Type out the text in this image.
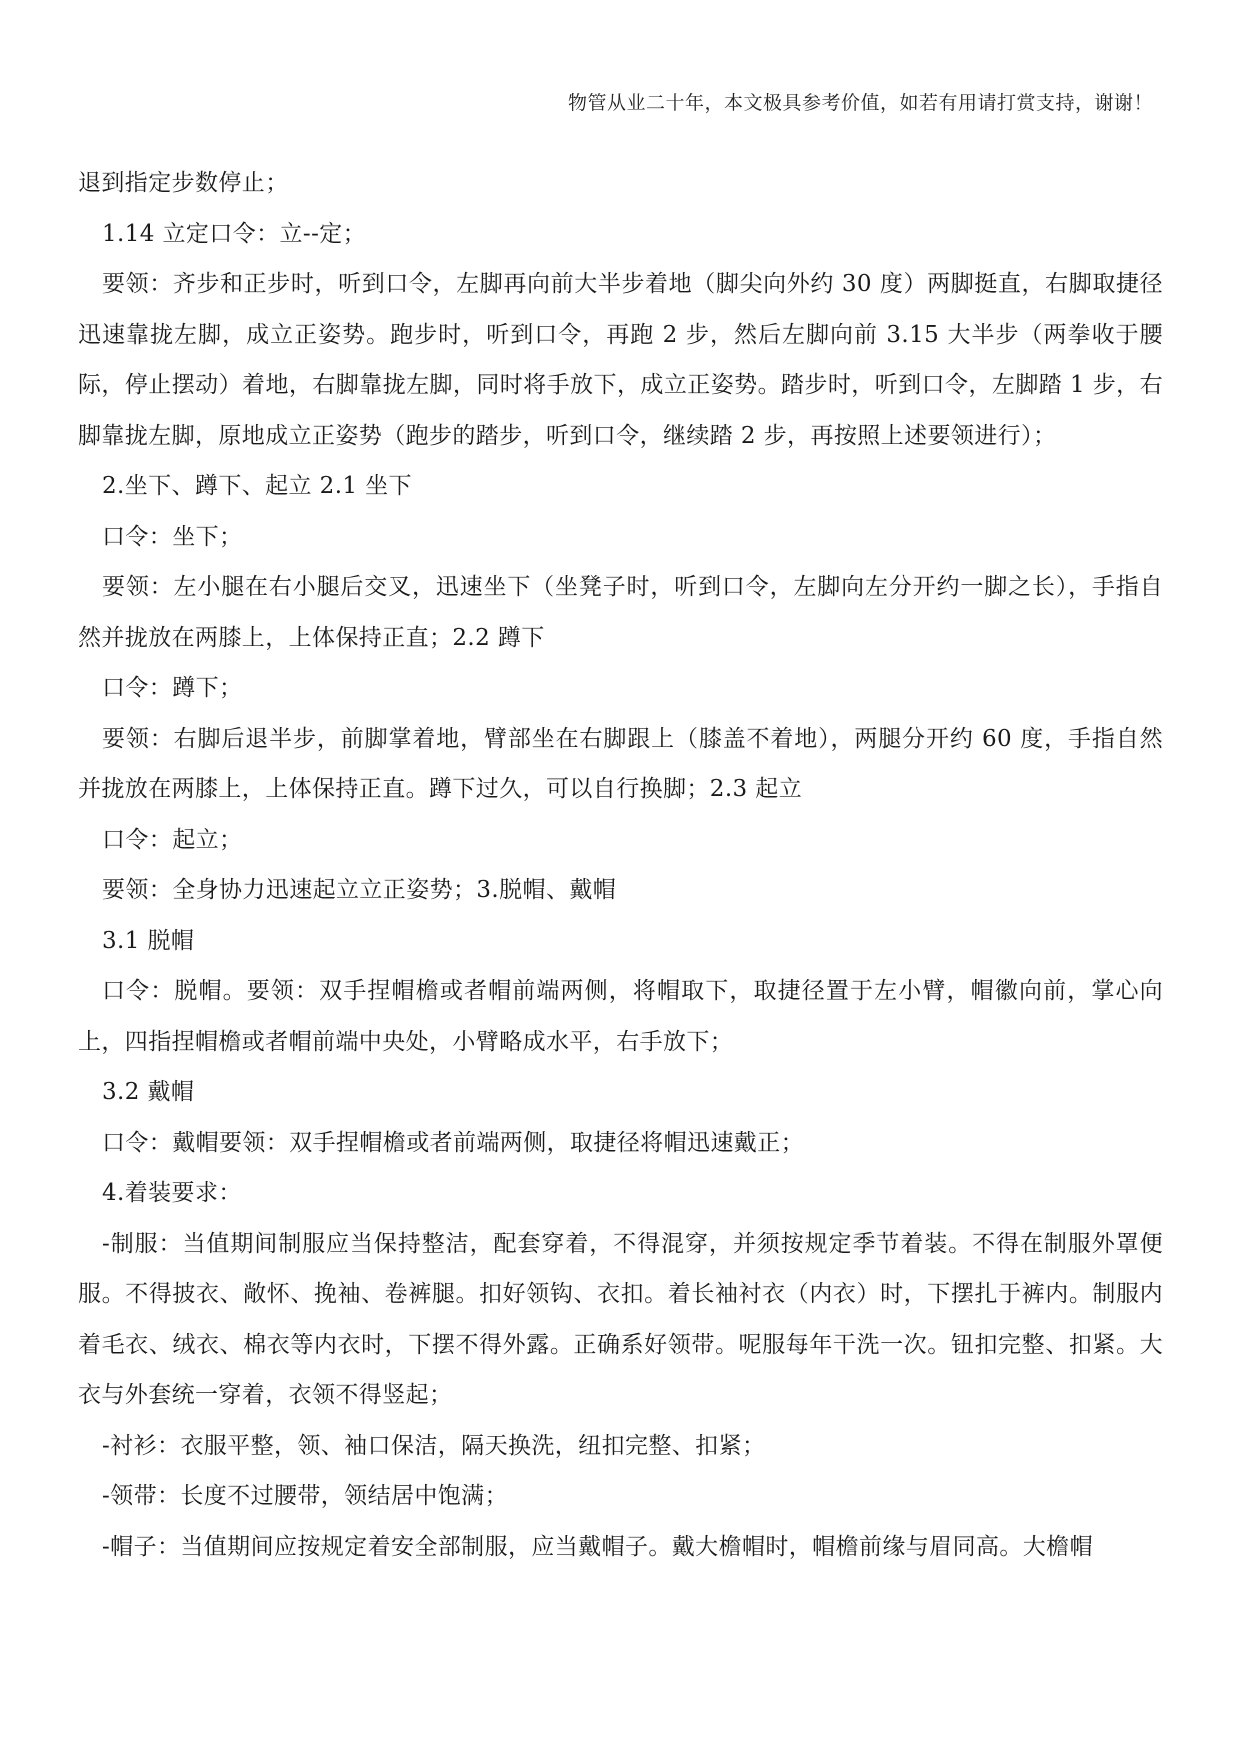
物管从业二十年，本文极具参考价值，如若有用请打赏支持，谢谢！

退到指定步数停止；

1.14 立定口令：立--定；

要领：齐步和正步时，听到口令，左脚再向前大半步着地（脚尖向外约 30 度）两脚挺直，右脚取捷径迅速靠拢左脚，成立正姿势。跑步时，听到口令，再跑 2 步，然后左脚向前 3.15 大半步（两拳收于腰际，停止摆动）着地，右脚靠拢左脚，同时将手放下，成立正姿势。踏步时，听到口令，左脚踏 1 步，右脚靠拢左脚，原地成立正姿势（跑步的踏步，听到口令，继续踏 2 步，再按照上述要领进行）；

2.坐下、蹲下、起立 2.1 坐下

口令：坐下；

要领：左小腿在右小腿后交叉，迅速坐下（坐凳子时，听到口令，左脚向左分开约一脚之长），手指自然并拢放在两膝上，上体保持正直；2.2 蹲下

口令：蹲下；

要领：右脚后退半步，前脚掌着地，臂部坐在右脚跟上（膝盖不着地），两腿分开约 60 度，手指自然并拢放在两膝上，上体保持正直。蹲下过久，可以自行换脚；2.3 起立

口令：起立；

要领：全身协力迅速起立立正姿势；3.脱帽、戴帽

3.1 脱帽

口令：脱帽。要领：双手捏帽檐或者帽前端两侧，将帽取下，取捷径置于左小臂，帽徽向前，掌心向上，四指捏帽檐或者帽前端中央处，小臂略成水平，右手放下；

3.2 戴帽

口令：戴帽要领：双手捏帽檐或者前端两侧，取捷径将帽迅速戴正；

4.着装要求：

-制服：当值期间制服应当保持整洁，配套穿着，不得混穿，并须按规定季节着装。不得在制服外罩便服。不得披衣、敞怀、挽袖、卷裤腿。扣好领钩、衣扣。着长袖衬衣（内衣）时，下摆扎于裤内。制服内着毛衣、绒衣、棉衣等内衣时，下摆不得外露。正确系好领带。呢服每年干洗一次。钮扣完整、扣紧。大衣与外套统一穿着，衣领不得竖起；

-衬衫：衣服平整，领、袖口保洁，隔天换洗，纽扣完整、扣紧；

-领带：长度不过腰带，领结居中饱满；

-帽子：当值期间应按规定着安全部制服，应当戴帽子。戴大檐帽时，帽檐前缘与眉同高。大檐帽
